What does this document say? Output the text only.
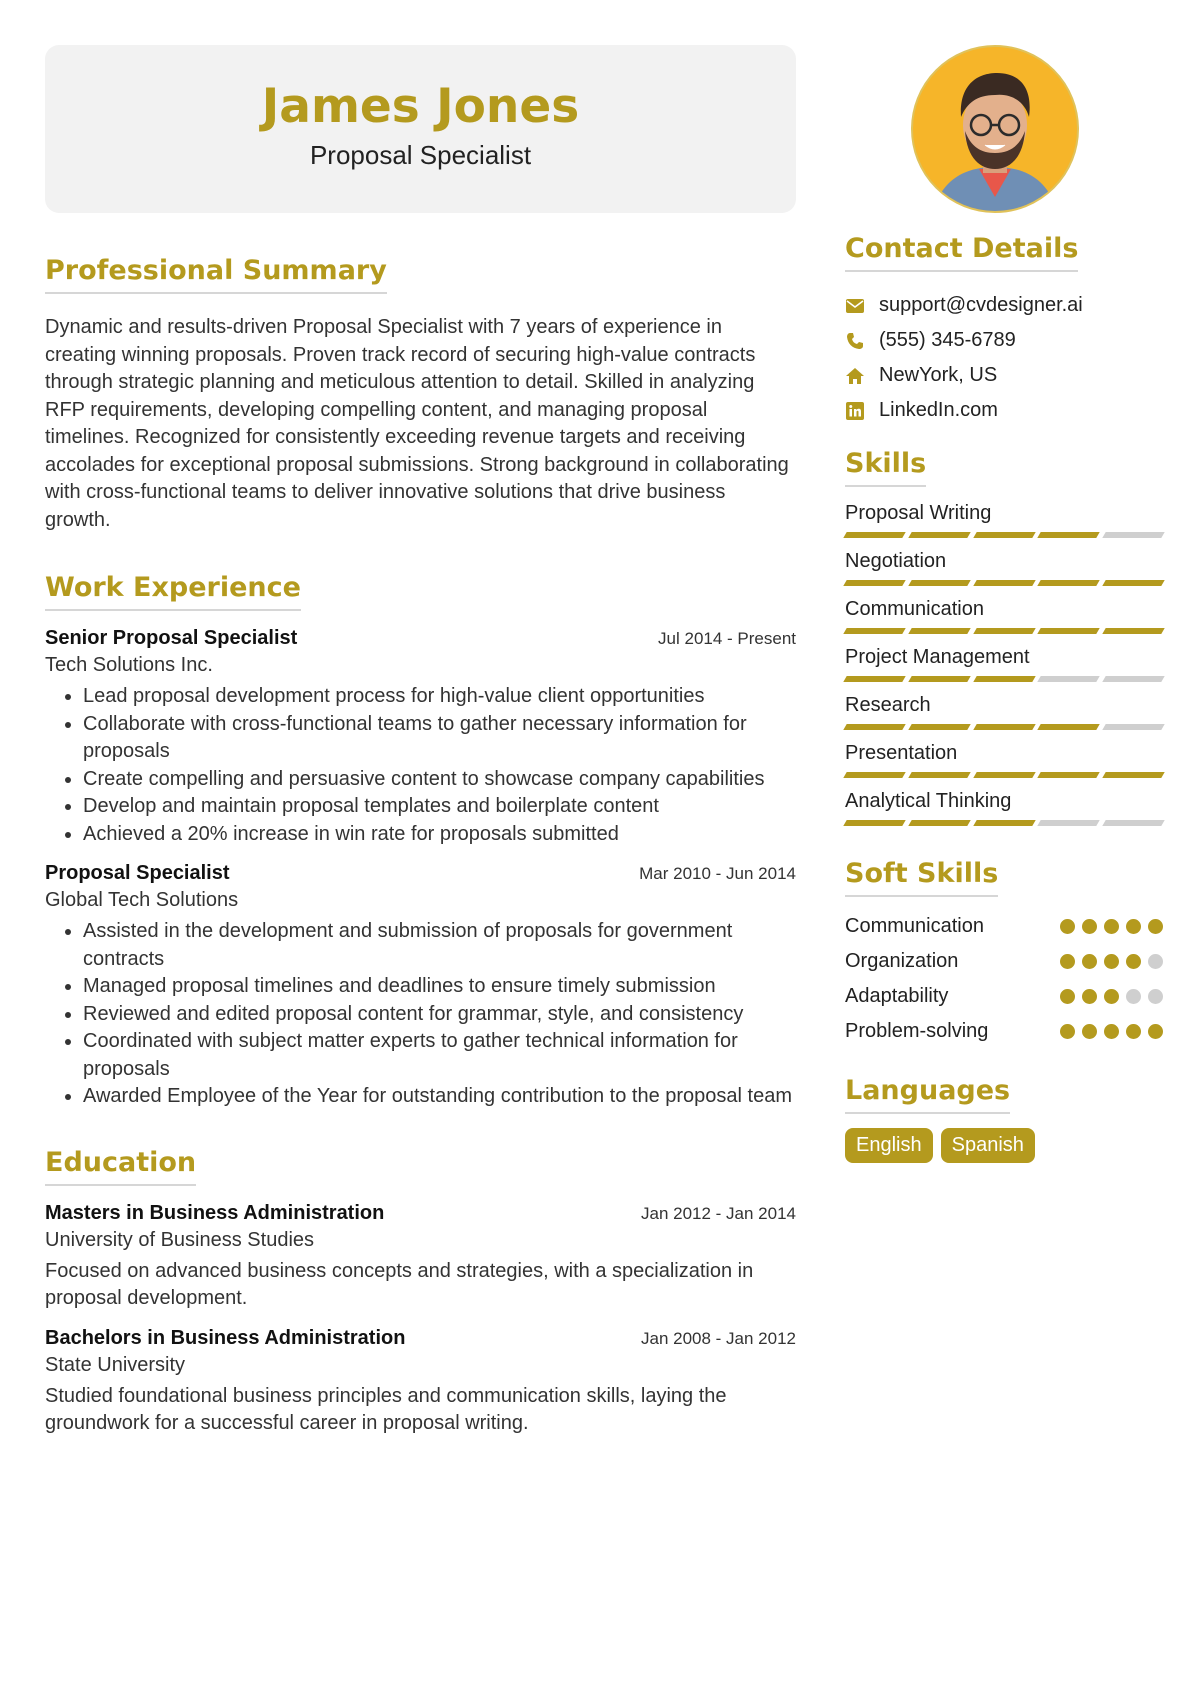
James Jones
Proposal Specialist
Professional Summary

Dynamic and results-driven Proposal Specialist with 7 years of experience in creating winning proposals. Proven track record of securing high-value contracts through strategic planning and meticulous attention to detail. Skilled in analyzing RFP requirements, developing compelling content, and managing proposal timelines. Recognized for consistently exceeding revenue targets and receiving accolades for exceptional proposal submissions. Strong background in collaborating with cross-functional teams to deliver innovative solutions that drive business growth.

Work Experience
Senior Proposal Specialist	Jul 2014 - Present
Tech Solutions Inc.
• Lead proposal development process for high-value client opportunities
• Collaborate with cross-functional teams to gather necessary information for proposals
• Create compelling and persuasive content to showcase company capabilities
• Develop and maintain proposal templates and boilerplate content
• Achieved a 20% increase in win rate for proposals submitted
Proposal Specialist	Mar 2010 - Jun 2014
Global Tech Solutions
• Assisted in the development and submission of proposals for government contracts
• Managed proposal timelines and deadlines to ensure timely submission
• Reviewed and edited proposal content for grammar, style, and consistency
• Coordinated with subject matter experts to gather technical information for proposals
• Awarded Employee of the Year for outstanding contribution to the proposal team
Education
Masters in Business Administration	Jan 2012 - Jan 2014
University of Business Studies

Focused on advanced business concepts and strategies, with a specialization in proposal development.

Bachelors in Business Administration	Jan 2008 - Jan 2012
State University

Studied foundational business principles and communication skills, laying the groundwork for a successful career in proposal writing.

Contact Details
support@cvdesigner.ai
(555) 345-6789
NewYork, US
LinkedIn.com
Skills
Proposal Writing
Negotiation
Communication
Project Management
Research
Presentation
Analytical Thinking
Soft Skills
Communication
Organization
Adaptability
Problem-solving
Languages
English	Spanish
